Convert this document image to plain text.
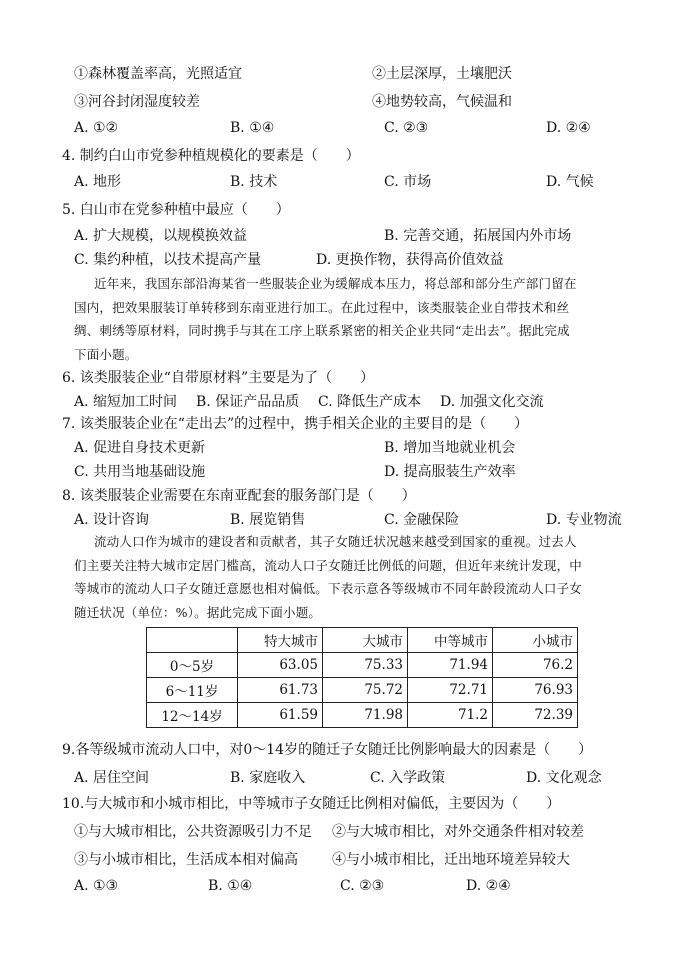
①森林覆盖率高，光照适宜	②土层深厚，土壤肥沃
③河谷封闭湿度较差	④地势较高，气候温和
A. ①②	B. ①④	C. ②③	D. ②④
4. 制约白山市党参种植规模化的要素是（　　）
A. 地形	B. 技术	C. 市场	D. 气候
5. 白山市在党参种植中最应（　　）
A. 扩大规模，以规模换效益	B. 完善交通，拓展国内外市场
C. 集约种植，以技术提高产量	D. 更换作物，获得高价值效益
近年来，我国东部沿海某省一些服装企业为缓解成本压力，将总部和部分生产部门留在
国内，把效果服装订单转移到东南亚进行加工。在此过程中，该类服装企业自带技术和丝
绸、刺绣等原材料，同时携手与其在工序上联系紧密的相关企业共同“走出去”。据此完成
下面小题。
6. 该类服装企业“自带原材料”主要是为了（　　）
A. 缩短加工时间 B. 保证产品品质 C. 降低生产成本 D. 加强文化交流
7. 该类服装企业在“走出去”的过程中，携手相关企业的主要目的是（　　）
A. 促进自身技术更新	B. 增加当地就业机会
C. 共用当地基础设施	D. 提高服装生产效率
8. 该类服装企业需要在东南亚配套的服务部门是（　　）
A. 设计咨询	B. 展览销售	C. 金融保险	D. 专业物流
流动人口作为城市的建设者和贡献者，其子女随迁状况越来越受到国家的重视。过去人
们主要关注特大城市定居门槛高，流动人口子女随迁比例低的问题，但近年来统计发现，中
等城市的流动人口子女随迁意愿也相对偏低。下表示意各等级城市不同年龄段流动人口子女
随迁状况（单位：%）。据此完成下面小题。
	特大城市	大城市	中等城市	小城市
0～5岁	63.05	75.33	71.94	76.2
6～11岁	61.73	75.72	72.71	76.93
12～14岁	61.59	71.98	71.2	72.39
9.各等级城市流动人口中，对0～14岁的随迁子女随迁比例影响最大的因素是（　　）
A. 居住空间	B. 家庭收入	C. 入学政策	D. 文化观念
10.与大城市和小城市相比，中等城市子女随迁比例相对偏低，主要因为（　　）
①与大城市相比，公共资源吸引力不足 ②与大城市相比，对外交通条件相对较差
③与小城市相比，生活成本相对偏高 ④与小城市相比，迁出地环境差异较大
A. ①③	B. ①④	C. ②③	D. ②④
